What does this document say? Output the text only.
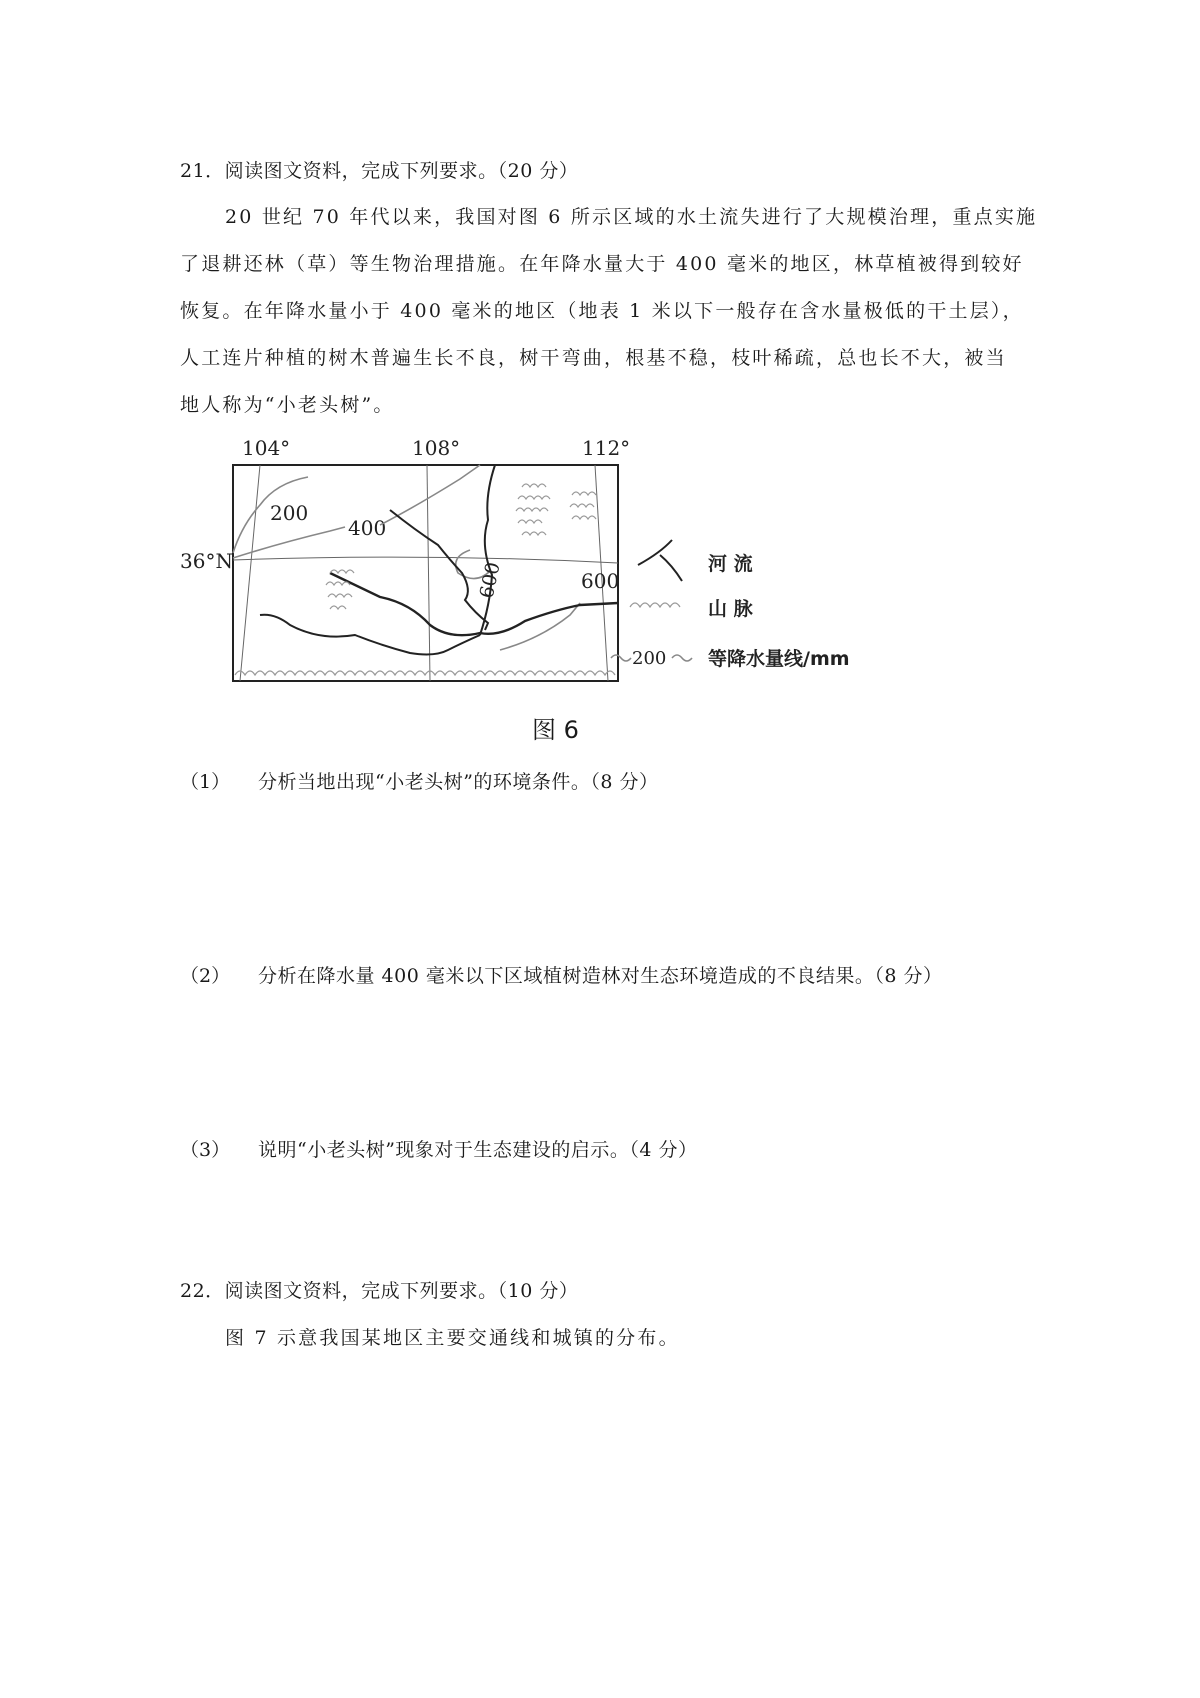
21．阅读图文资料，完成下列要求。（20 分）
20 世纪 70 年代以来，我国对图 6 所示区域的水土流失进行了大规模治理，重点实施
了退耕还林（草）等生物治理措施。在年降水量大于 400 毫米的地区，林草植被得到较好
恢复。在年降水量小于 400 毫米的地区（地表 1 米以下一般存在含水量极低的干土层），
人工连片种植的树木普遍生长不良，树干弯曲，根基不稳，枝叶稀疏，总也长不大，被当
地人称为“小老头树”。
104°	108°	112°
36°N
200
400
600	600
河 流
山 脉
200 等降水量线/mm
图 6
（1） 分析当地出现“小老头树”的环境条件。（8 分）
（2） 分析在降水量 400 毫米以下区域植树造林对生态环境造成的不良结果。（8 分）
（3） 说明“小老头树”现象对于生态建设的启示。（4 分）
22．阅读图文资料，完成下列要求。（10 分）
图 7 示意我国某地区主要交通线和城镇的分布。
